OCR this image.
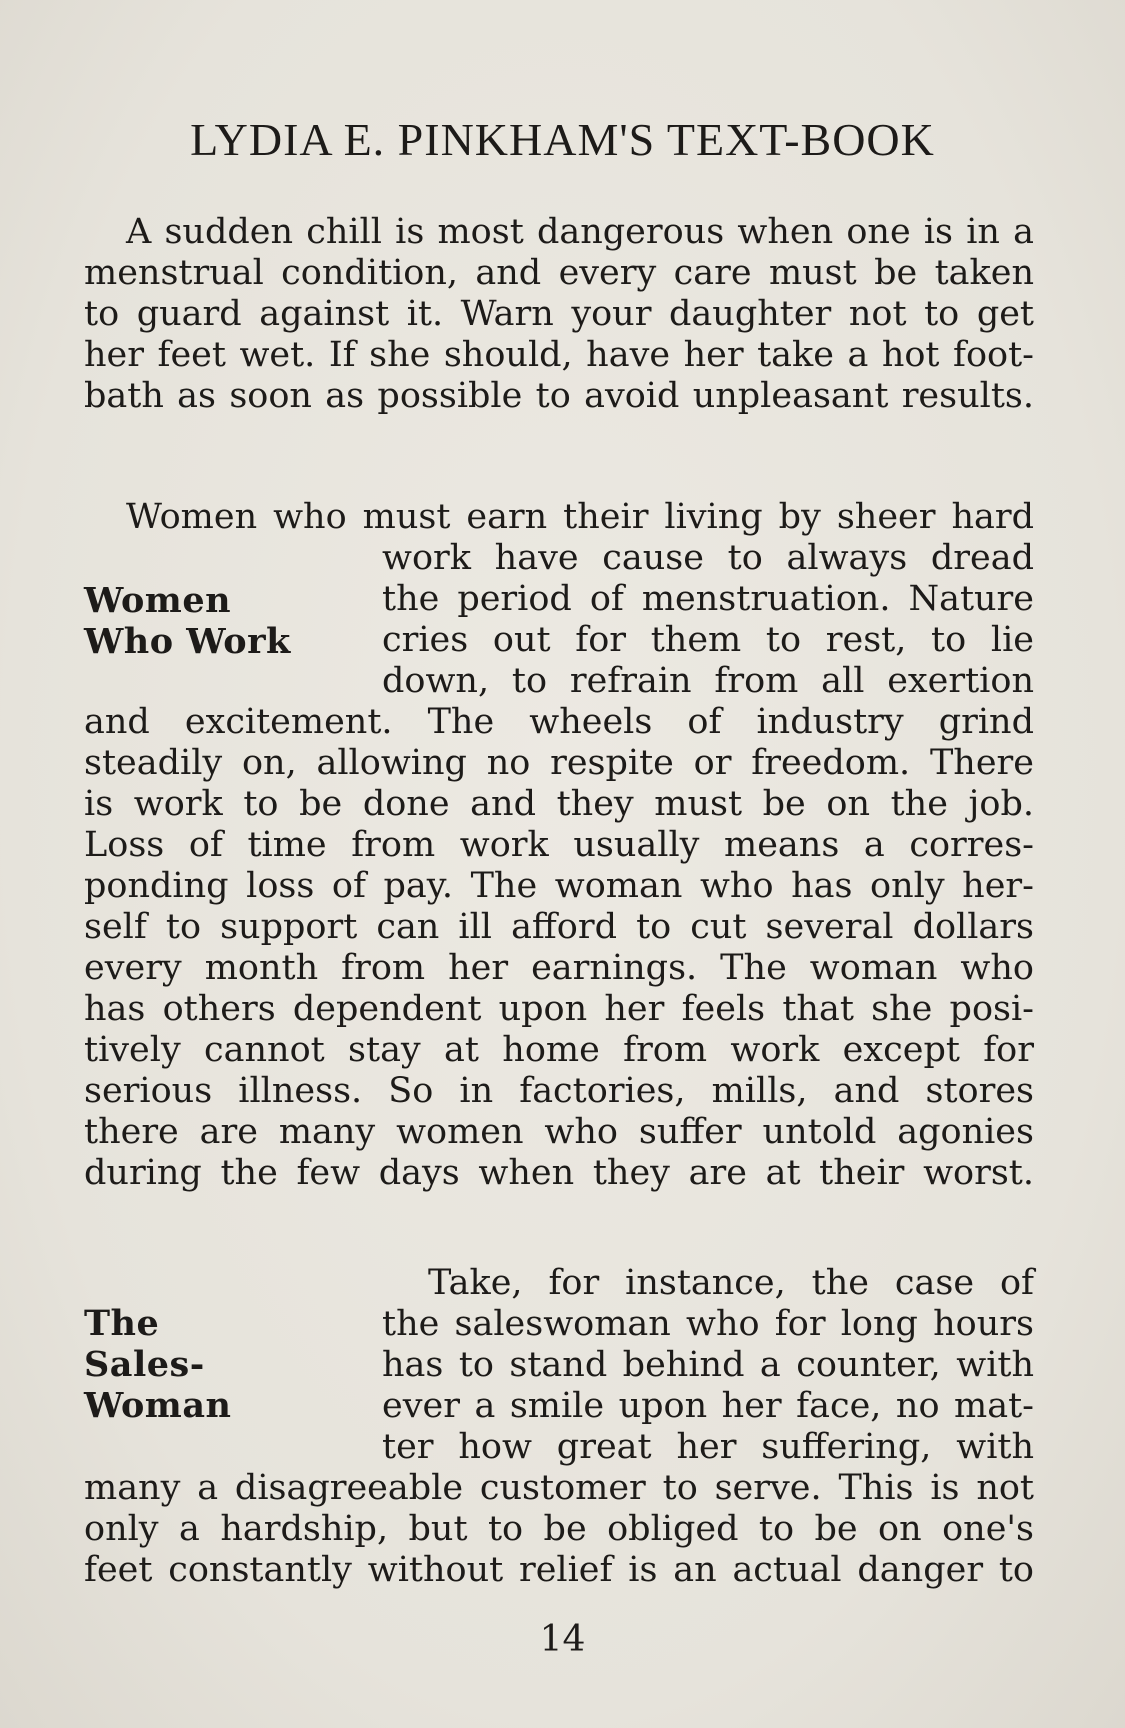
LYDIA E. PINKHAM'S TEXT-BOOK

A sudden chill is most dangerous when one is in a

menstrual condition, and every care must be taken

to guard against it. Warn your daughter not to get

her feet wet. If she should, have her take a hot foot-

bath as soon as possible to avoid unpleasant results.

Women
Who Work

Women who must earn their living by sheer hard

work have cause to always dread

the period of menstruation. Nature

cries out for them to rest, to lie

down, to refrain from all exertion

and excitement. The wheels of industry grind

steadily on, allowing no respite or freedom. There

is work to be done and they must be on the job.

Loss of time from work usually means a corres-

ponding loss of pay. The woman who has only her-

self to support can ill afford to cut several dollars

every month from her earnings. The woman who

has others dependent upon her feels that she posi-

tively cannot stay at home from work except for

serious illness. So in factories, mills, and stores

there are many women who suffer untold agonies

during the few days when they are at their worst.

The
Sales-
Woman

Take, for instance, the case of

the saleswoman who for long hours

has to stand behind a counter, with

ever a smile upon her face, no mat-

ter how great her suffering, with

many a disagreeable customer to serve. This is not

only a hardship, but to be obliged to be on one's

feet constantly without relief is an actual danger to

14
